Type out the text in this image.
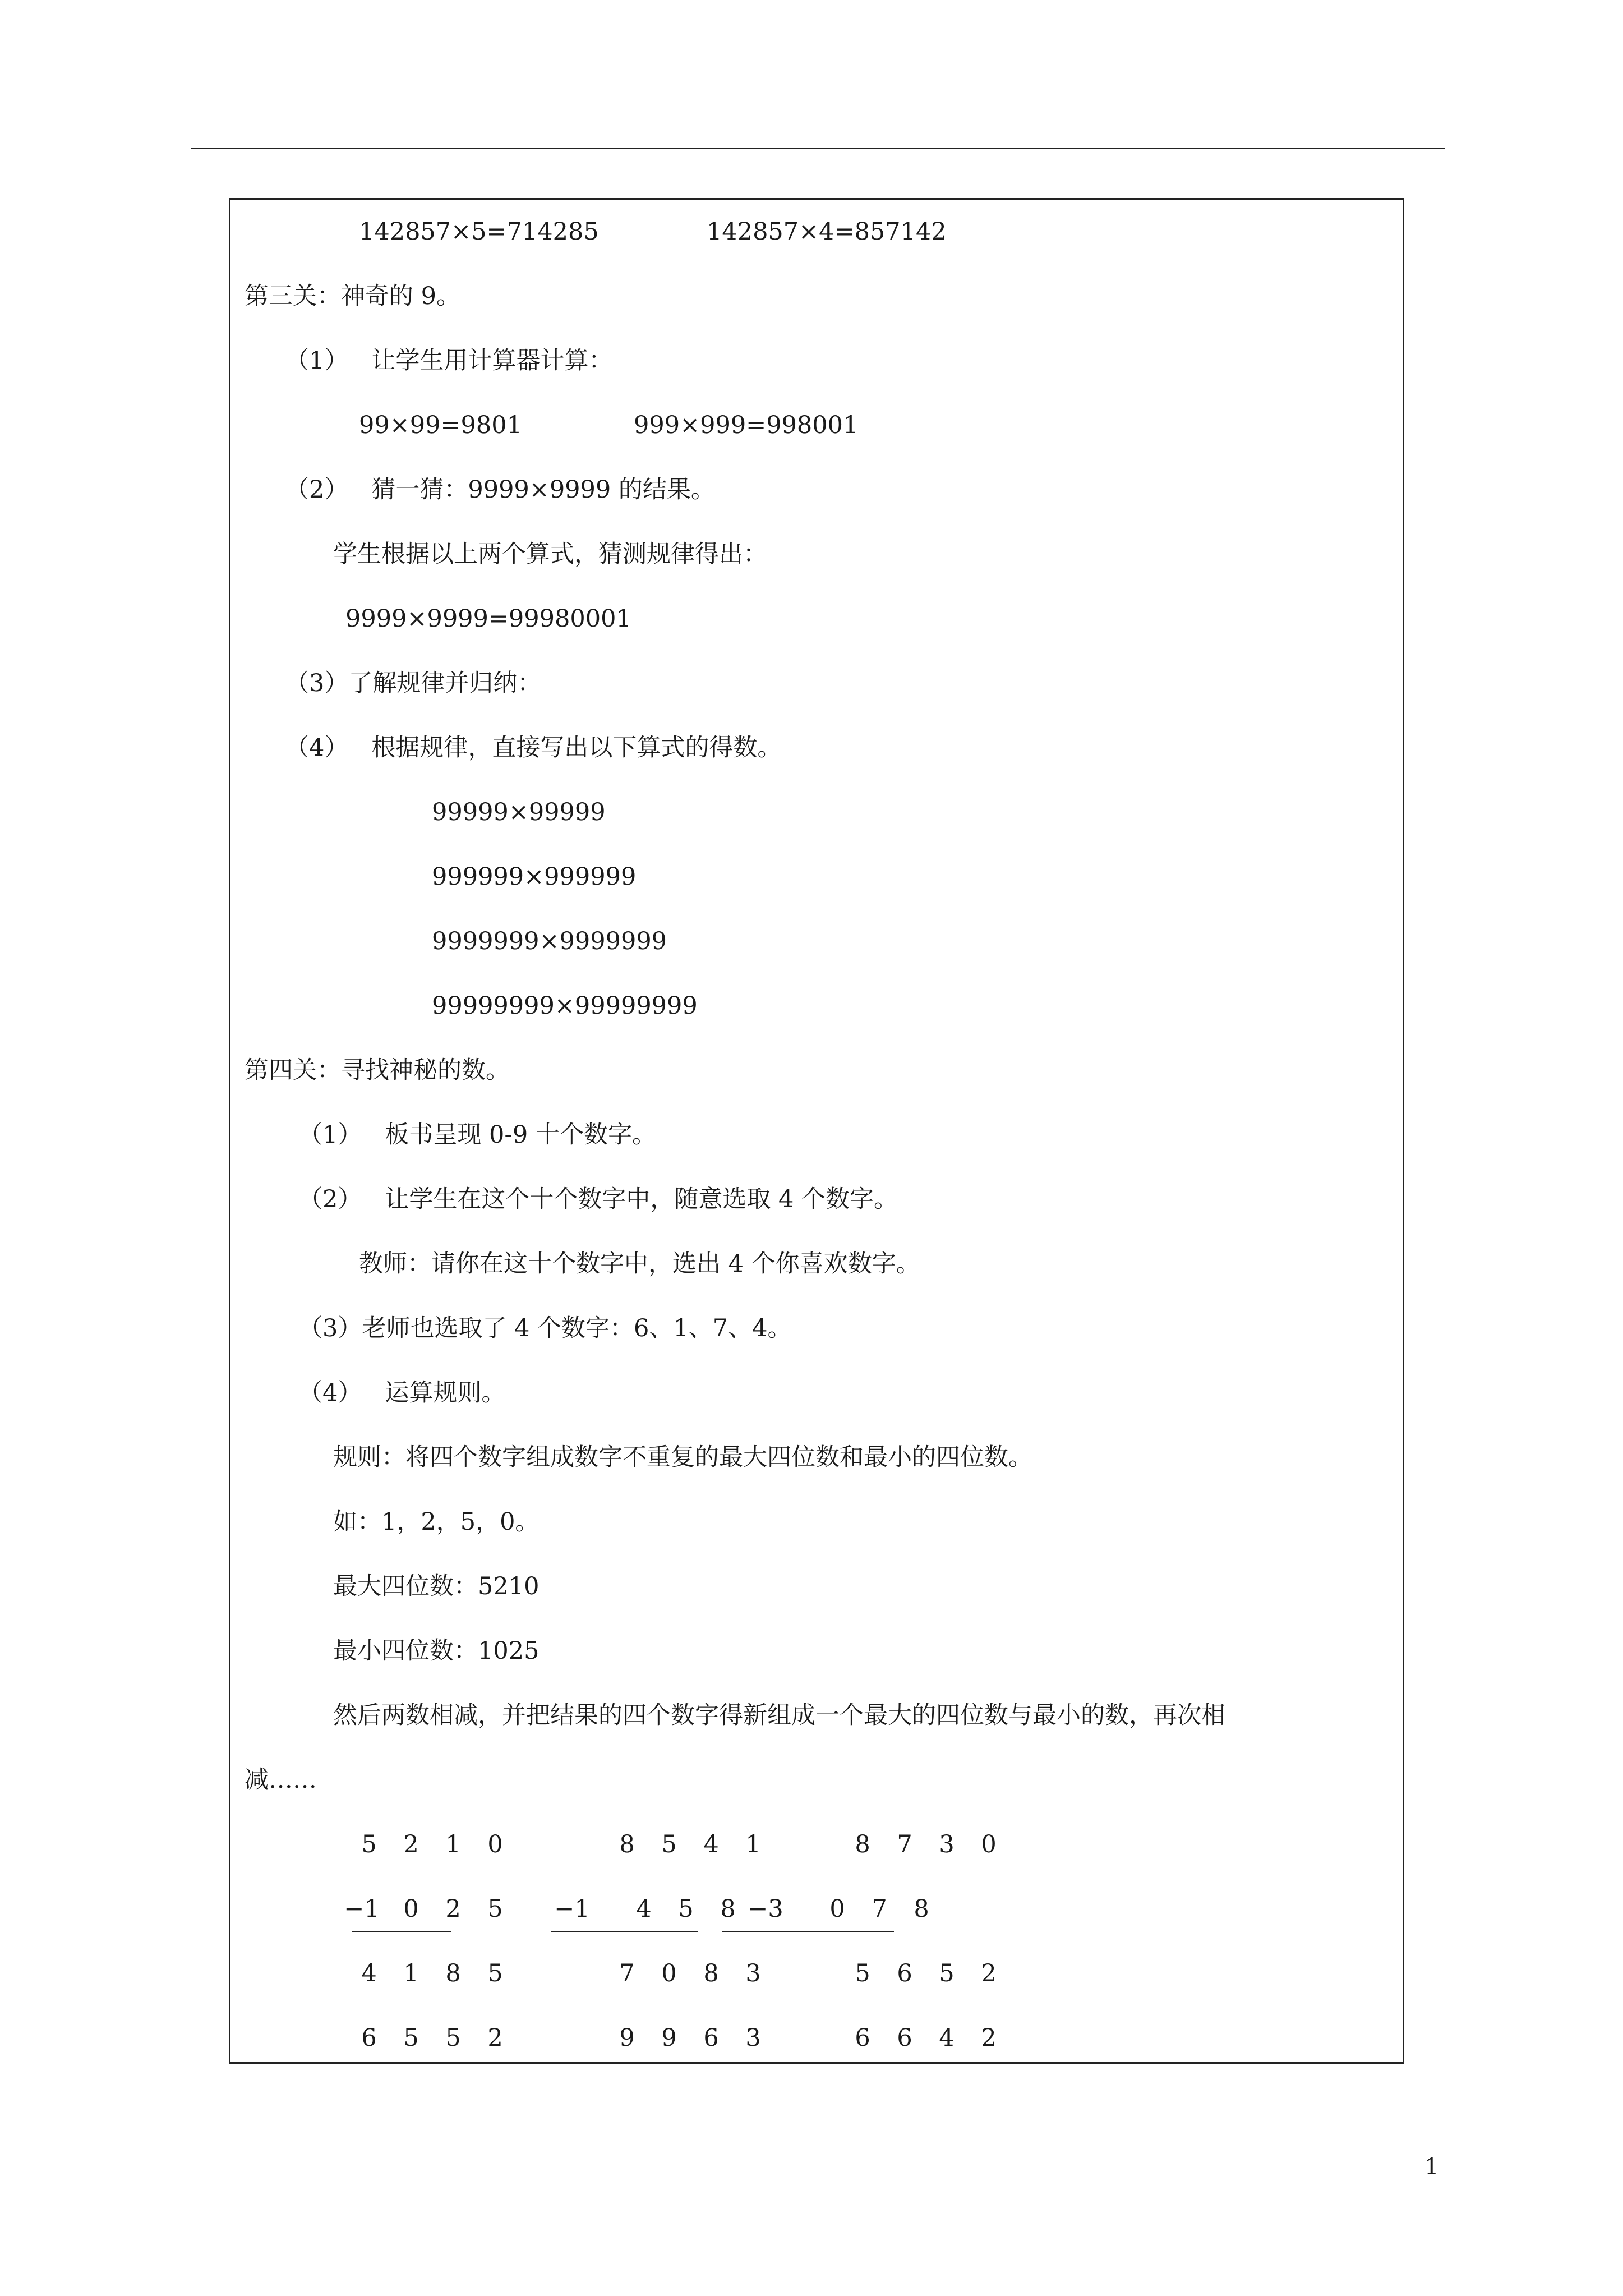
142857×5=714285	142857×4=857142
第三关：神奇的 9。
（1）   让学生用计算器计算：
99×99=9801	999×999=998001
（2）   猜一猜：9999×9999 的结果。
学生根据以上两个算式，猜测规律得出：
9999×9999=99980001
（3）了解规律并归纳：
（4）   根据规律，直接写出以下算式的得数。
99999×99999
999999×999999
9999999×9999999
99999999×99999999
第四关：寻找神秘的数。
（1）   板书呈现 0-9 十个数字。
（2）   让学生在这个十个数字中，随意选取 4 个数字。
教师：请你在这十个数字中，选出 4 个你喜欢数字。
（3）老师也选取了 4 个数字：6、1、7、4。
（4）   运算规则。
规则：将四个数字组成数字不重复的最大四位数和最小的四位数。
如：1，2，5，0。
最大四位数：5210
最小四位数：1025
然后两数相减，并把结果的四个数字得新组成一个最大的四位数与最小的数，再次相
减……
5	2	1	0	8	5	4	1	8	7	3	0
−1 0	2	5	−1	4	5	8 −3	0	7	8
4	1	8	5	7	0	8	3	5	6	5	2
6	5	5	2	9	9	6	3	6	6	4	2
1
